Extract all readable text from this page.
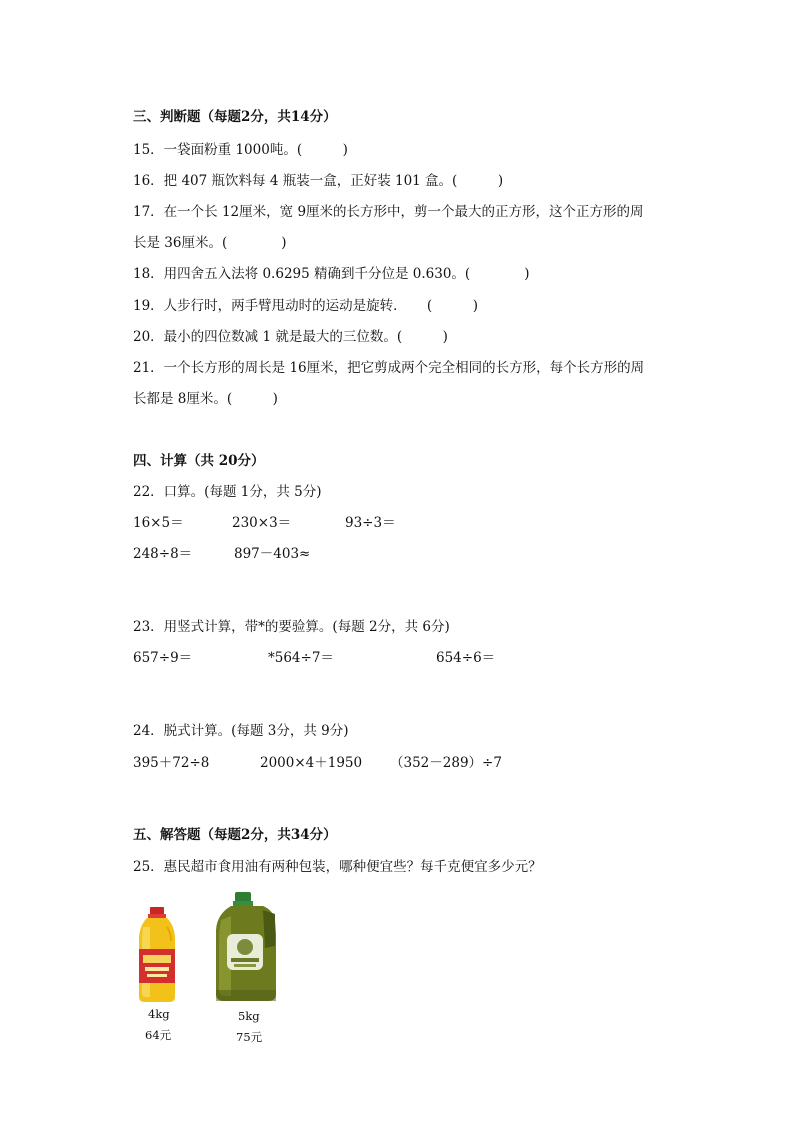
三、判断题（每题2分，共14分）
15．一袋面粉重 1000吨。(　　　)
16．把 407 瓶饮料每 4 瓶装一盒，正好装 101 盒。(　　　)
17．在一个长 12厘米，宽 9厘米的长方形中，剪一个最大的正方形，这个正方形的周
长是 36厘米。(　　　　)
18．用四舍五入法将 0.6295 精确到千分位是 0.630。(　　　　)
19．人步行时，两手臂甩动时的运动是旋转．　　(　　　)
20．最小的四位数减 1 就是最大的三位数。(　　　)
21．一个长方形的周长是 16厘米，把它剪成两个完全相同的长方形，每个长方形的周
长都是 8厘米。(　　　)
四、计算（共 20分）
22．口算。(每题 1分，共 5分)
16×5＝	230×3＝	93÷3＝
248÷8＝	897－403≈
23．用竖式计算，带*的要验算。(每题 2分，共 6分)
657÷9＝	*564÷7＝	654÷6＝
24．脱式计算。(每题 3分，共 9分)
395＋72÷8	2000×4＋1950 （352－289）÷7
五、解答题（每题2分，共34分）
25．惠民超市食用油有两种包装，哪种便宜些？每千克便宜多少元？
4kg
64元
5kg
75元
